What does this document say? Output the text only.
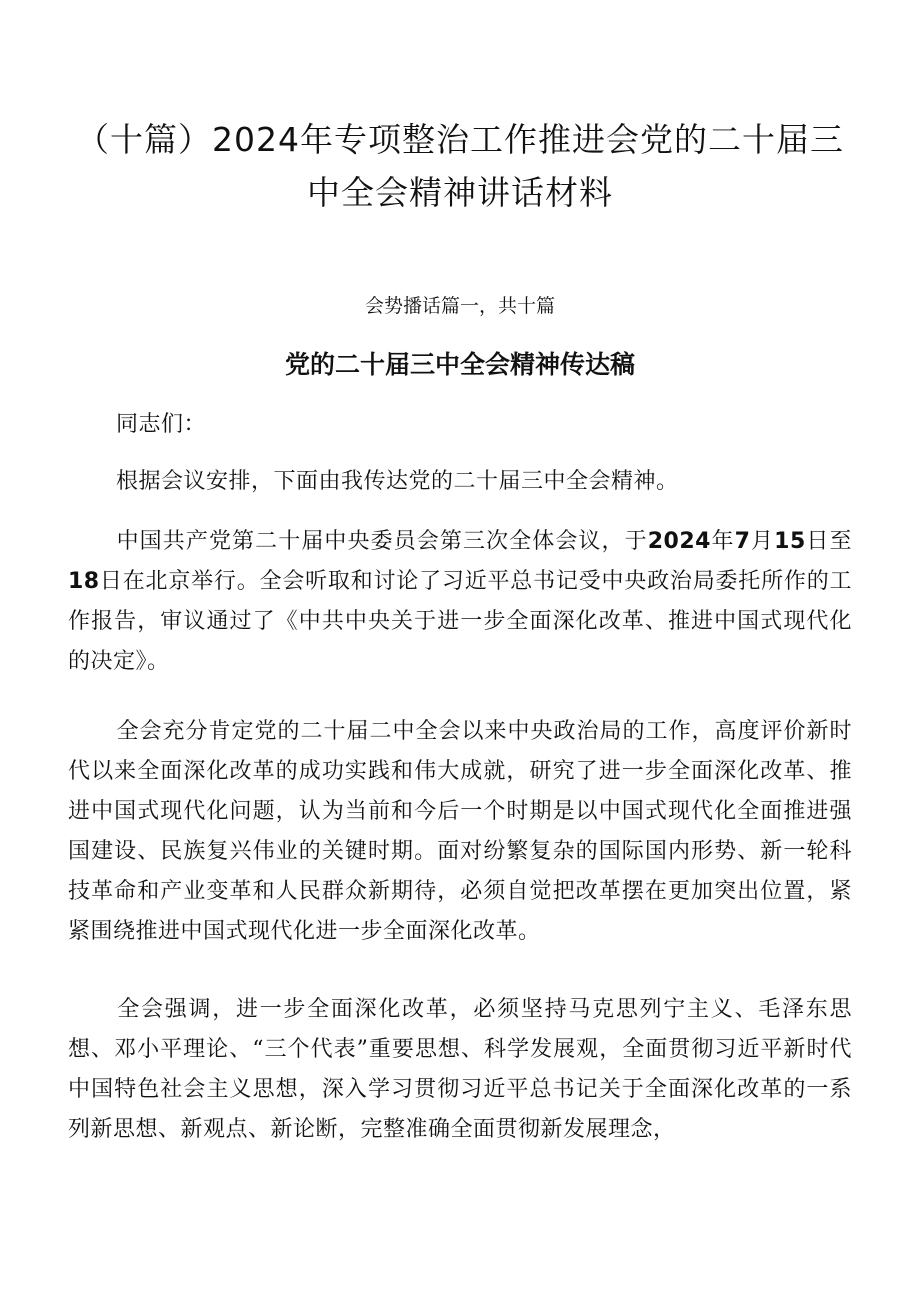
（十篇）2024年专项整治工作推进会党的二十届三
中全会精神讲话材料

会势播话篇一，共十篇

党的二十届三中全会精神传达稿

同志们：

根据会议安排，下面由我传达党的二十届三中全会精神。

中国共产党第二十届中央委员会第三次全体会议，于2024年7月15日至18日在北京举行。全会听取和讨论了习近平总书记受中央政治局委托所作的工作报告，审议通过了《中共中央关于进一步全面深化改革、推进中国式现代化的决定》。

全会充分肯定党的二十届二中全会以来中央政治局的工作，高度评价新时代以来全面深化改革的成功实践和伟大成就，研究了进一步全面深化改革、推进中国式现代化问题，认为当前和今后一个时期是以中国式现代化全面推进强国建设、民族复兴伟业的关键时期。面对纷繁复杂的国际国内形势、新一轮科技革命和产业变革和人民群众新期待，必须自觉把改革摆在更加突出位置，紧紧围绕推进中国式现代化进一步全面深化改革。

全会强调，进一步全面深化改革，必须坚持马克思列宁主义、毛泽东思想、邓小平理论、“三个代表”重要思想、科学发展观，全面贯彻习近平新时代中国特色社会主义思想，深入学习贯彻习近平总书记关于全面深化改革的一系列新思想、新观点、新论断，完整准确全面贯彻新发展理念，
